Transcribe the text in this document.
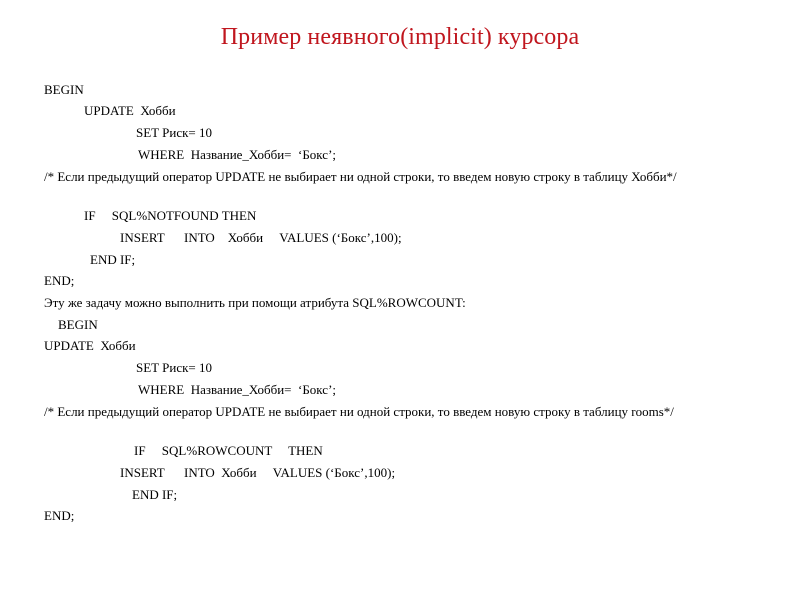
Пример неявного(implicit) курсора
BEGIN
UPDATE  Хобби
SET Риск= 10
WHERE  Название_Хобби=  ‘Бокс’;
/* Если предыдущий оператор UPDATE не выбирает ни одной строки, то введем новую строку в таблицу Хобби*/
IF     SQL%NOTFOUND THEN
INSERT      INTO    Хобби     VALUES (‘Бокс’,100);
END IF;
END;
Эту же задачу можно выполнить при помощи атрибута SQL%ROWCOUNT:
BEGIN
UPDATE  Хобби
SET Риск= 10
WHERE  Название_Хобби=  ‘Бокс’;
/* Если предыдущий оператор UPDATE не выбирает ни одной строки, то введем новую строку в таблицу rooms*/
IF     SQL%ROWCOUNT     THEN
INSERT      INTO  Хобби     VALUES (‘Бокс’,100);
END IF;
END;
